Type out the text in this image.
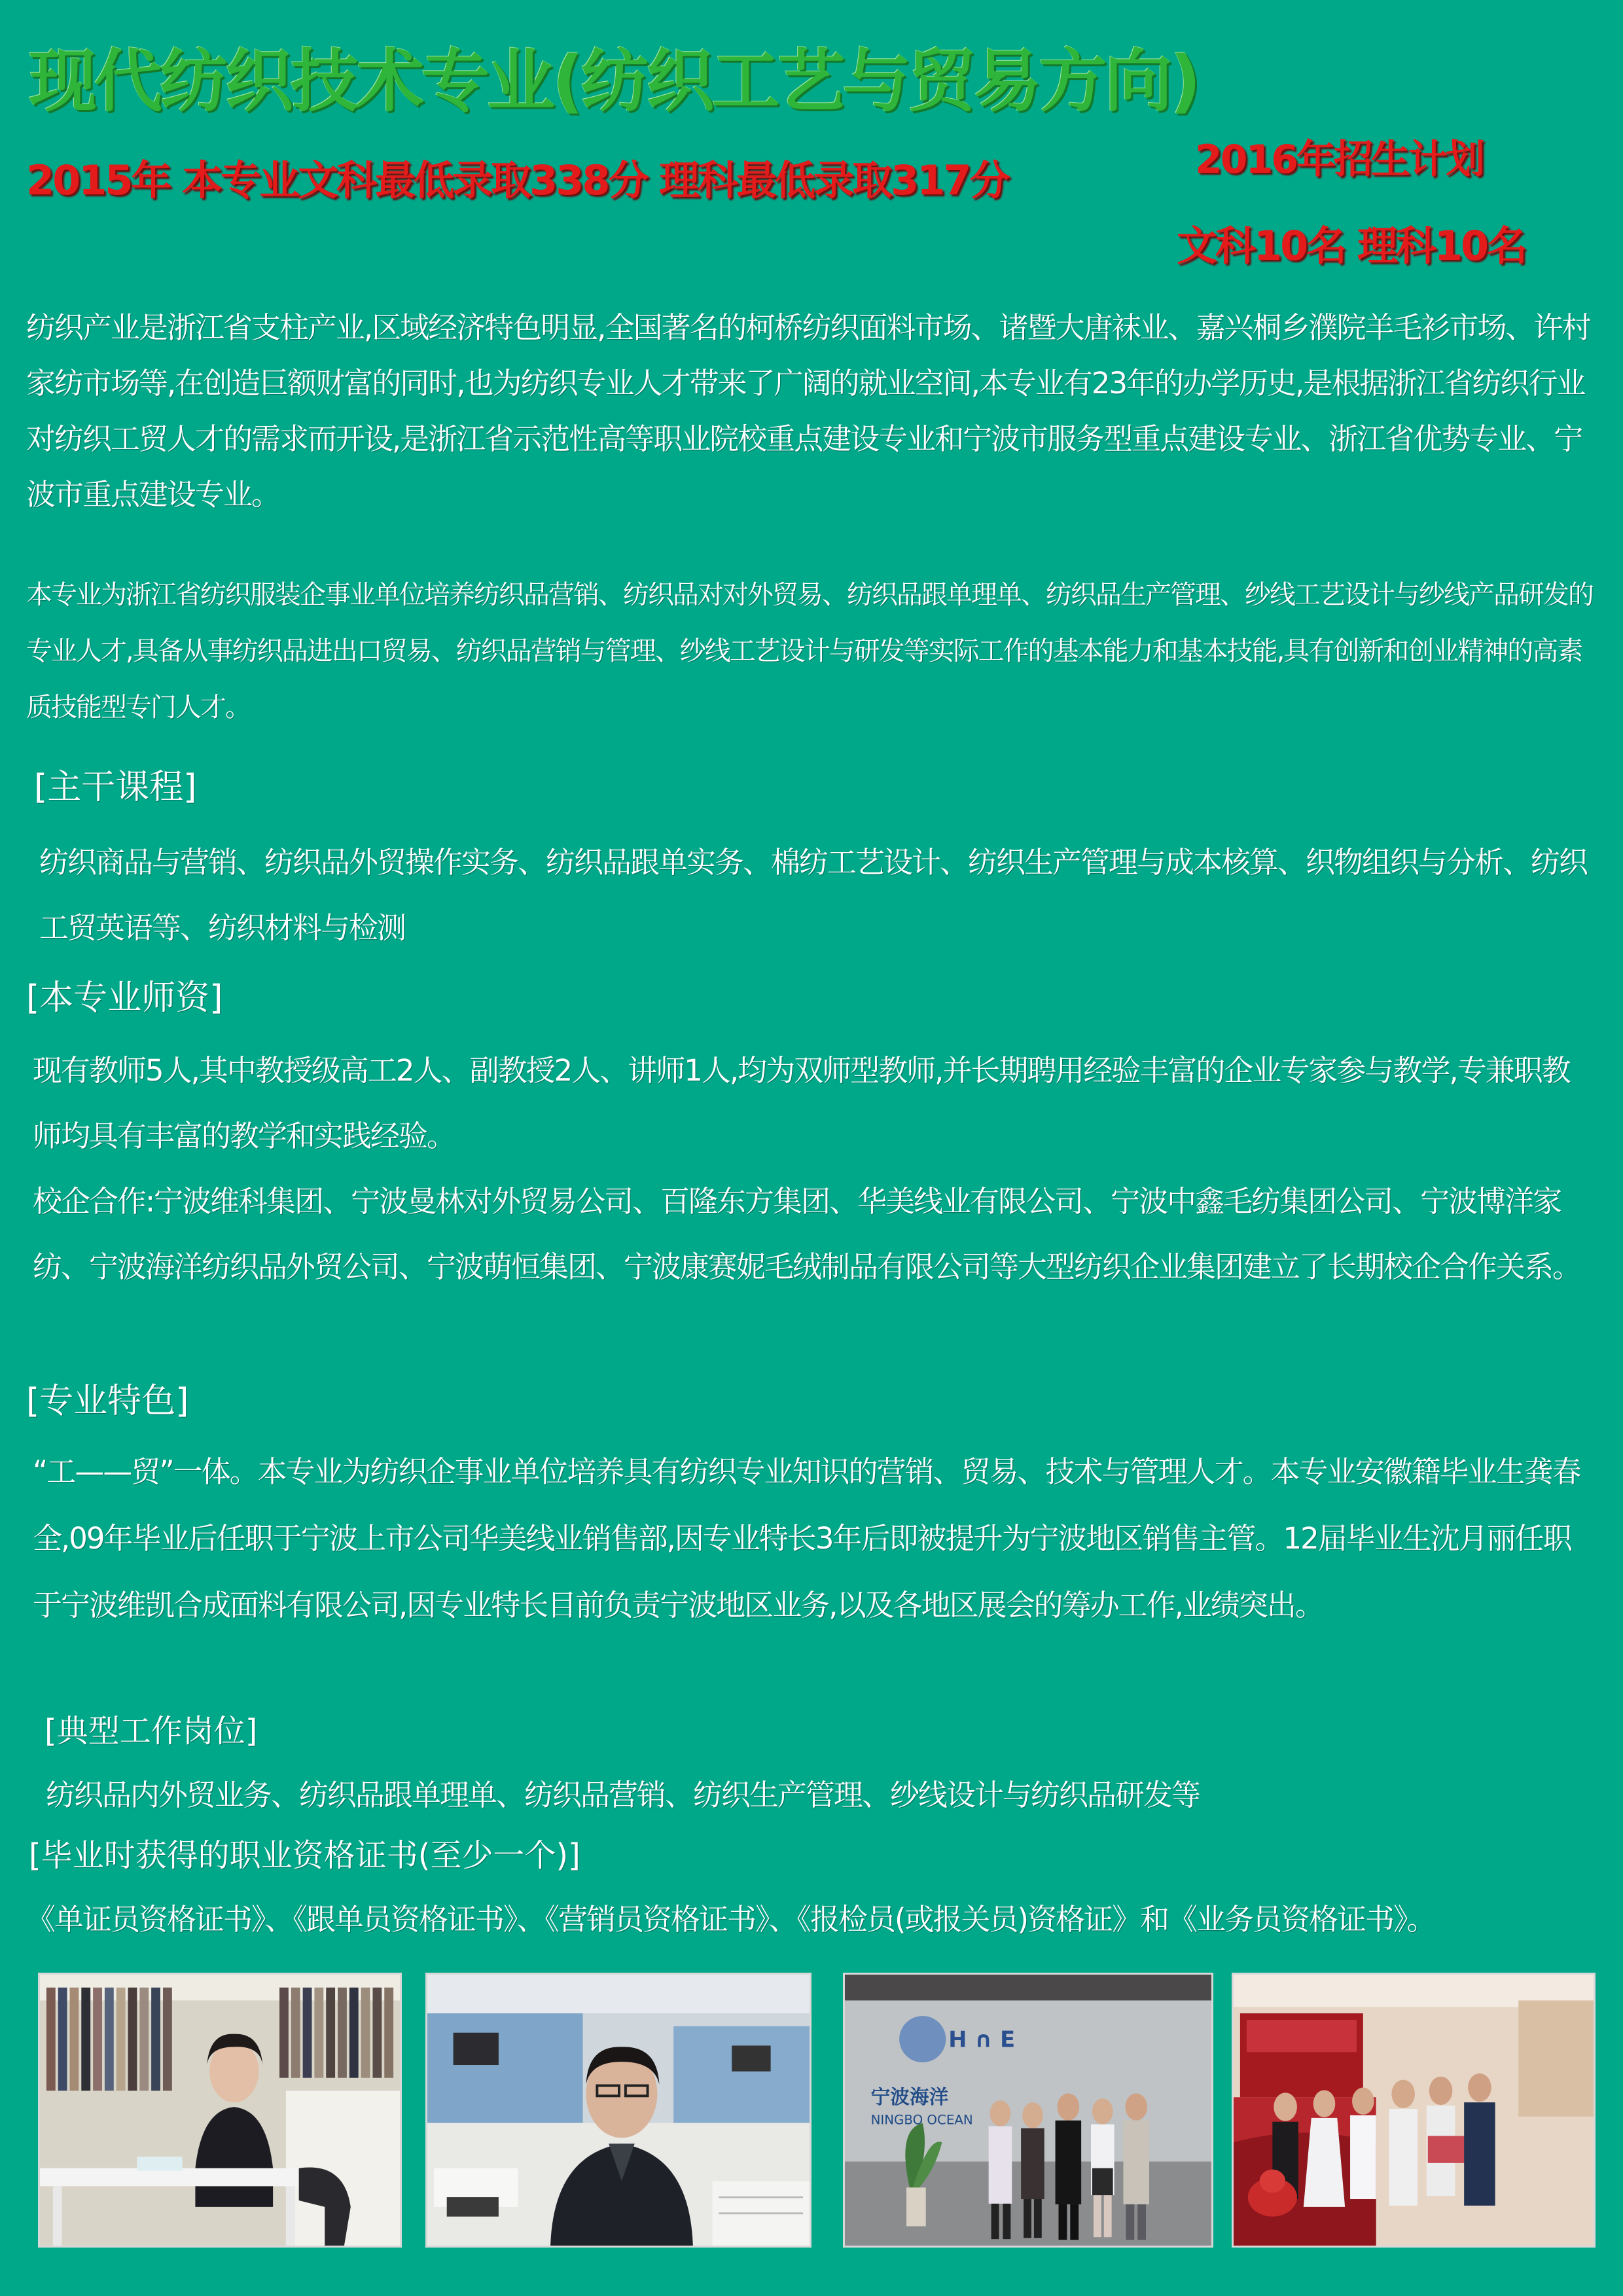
现代纺织技术专业(纺织工艺与贸易方向)
2015年 本专业文科最低录取338分 理科最低录取317分	2016年招生计划
文科10名 理科10名

纺织产业是浙江省支柱产业,区域经济特色明显,全国著名的柯桥纺织面料市场、诸暨大唐袜业、嘉兴桐乡濮院羊毛衫市场、许村家纺市场等,在创造巨额财富的同时,也为纺织专业人才带来了广阔的就业空间,本专业有23年的办学历史,是根据浙江省纺织行业对纺织工贸人才的需求而开设,是浙江省示范性高等职业院校重点建设专业和宁波市服务型重点建设专业、浙江省优势专业、宁波市重点建设专业。

本专业为浙江省纺织服装企事业单位培养纺织品营销、纺织品对对外贸易、纺织品跟单理单、纺织品生产管理、纱线工艺设计与纱线产品研发的专业人才,具备从事纺织品进出口贸易、纺织品营销与管理、纱线工艺设计与研发等实际工作的基本能力和基本技能,具有创新和创业精神的高素质技能型专门人才。

[主干课程]

纺织商品与营销、纺织品外贸操作实务、纺织品跟单实务、棉纺工艺设计、纺织生产管理与成本核算、织物组织与分析、纺织工贸英语等、纺织材料与检测

[本专业师资]

现有教师5人,其中教授级高工2人、副教授2人、讲师1人,均为双师型教师,并长期聘用经验丰富的企业专家参与教学,专兼职教师均具有丰富的教学和实践经验。

校企合作:宁波维科集团、宁波曼林对外贸易公司、百隆东方集团、华美线业有限公司、宁波中鑫毛纺集团公司、宁波博洋家纺、宁波海洋纺织品外贸公司、宁波萌恒集团、宁波康赛妮毛绒制品有限公司等大型纺织企业集团建立了长期校企合作关系。

[专业特色]

“工——贸”一体。本专业为纺织企事业单位培养具有纺织专业知识的营销、贸易、技术与管理人才。本专业安徽籍毕业生龚春全,09年毕业后任职于宁波上市公司华美线业销售部,因专业特长3年后即被提升为宁波地区销售主管。12届毕业生沈月丽任职于宁波维凯合成面料有限公司,因专业特长目前负责宁波地区业务,以及各地区展会的筹办工作,业绩突出。

[典型工作岗位]

纺织品内外贸业务、纺织品跟单理单、纺织品营销、纺织生产管理、纱线设计与纺织品研发等

[毕业时获得的职业资格证书(至少一个)]

《单证员资格证书》、《跟单员资格证书》、《营销员资格证书》、《报检员(或报关员)资格证》和《业务员资格证书》。

H ∩ E
宁波海洋
NINGBO OCEAN
